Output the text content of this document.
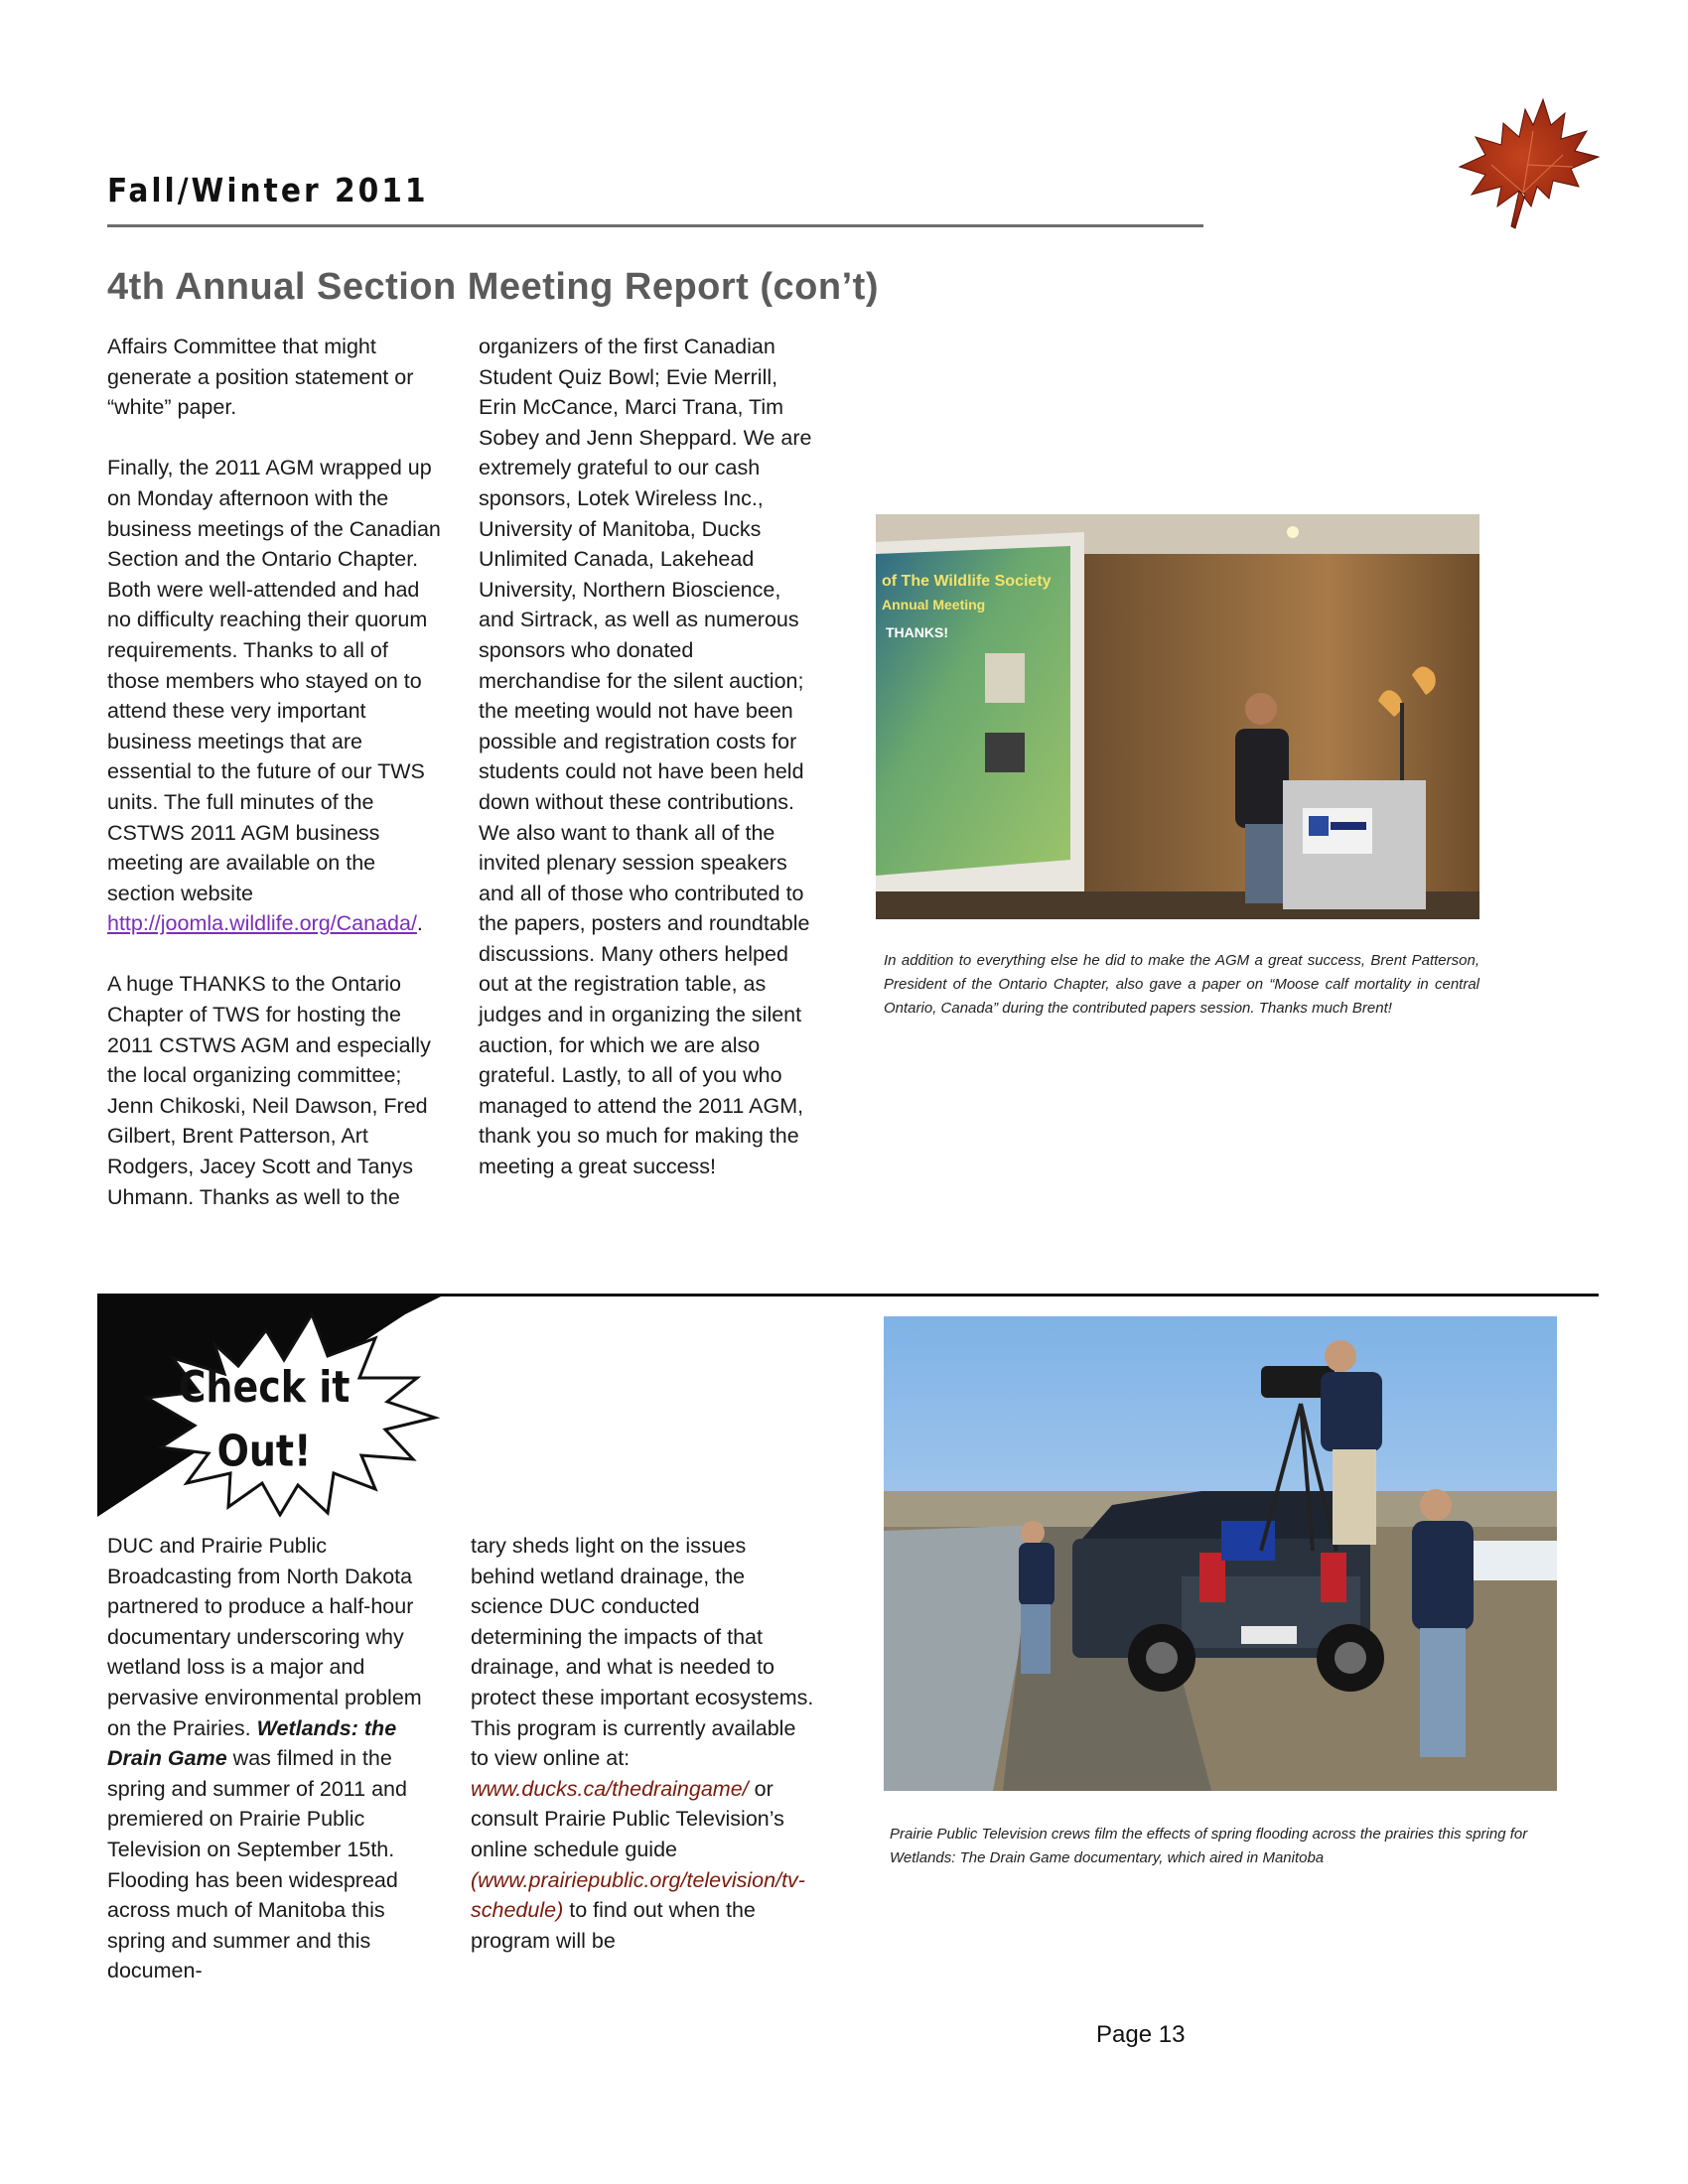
Fall/Winter 2011
4th Annual Section Meeting Report (con’t)

Affairs Committee that might generate a position statement or “white” paper.

Finally, the 2011 AGM wrapped up on Monday afternoon with the business meetings of the Canadian Section and the Ontario Chapter. Both were well-attended and had no difficulty reaching their quorum requirements. Thanks to all of those members who stayed on to attend these very important business meetings that are essential to the future of our TWS units. The full minutes of the CSTWS 2011 AGM business meeting are available on the section website http://joomla.wildlife.org/Canada/.

A huge THANKS to the Ontario Chapter of TWS for hosting the 2011 CSTWS AGM and especially the local organizing committee; Jenn Chikoski, Neil Dawson, Fred Gilbert, Brent Patterson, Art Rodgers, Jacey Scott and Tanys Uhmann. Thanks as well to the

organizers of the first Canadian Student Quiz Bowl; Evie Merrill, Erin McCance, Marci Trana, Tim Sobey and Jenn Sheppard. We are extremely grateful to our cash sponsors, Lotek Wireless Inc., University of Manitoba, Ducks Unlimited Canada, Lakehead University, Northern Bioscience, and Sirtrack, as well as numerous sponsors who donated merchandise for the silent auction; the meeting would not have been possible and registration costs for students could not have been held down without these contributions. We also want to thank all of the invited plenary session speakers and all of those who contributed to the papers, posters and roundtable discussions. Many others helped out at the registration table, as judges and in organizing the silent auction, for which we are also grateful. Lastly, to all of you who managed to attend the 2011 AGM, thank you so much for making the meeting a great success!

of The Wildlife Society
Annual Meeting
THANKS!
In addition to everything else he did to make the AGM a great success, Brent Patterson, President of the Ontario Chapter, also gave a paper on “Moose calf mortality in central Ontario, Canada” during the contributed papers session. Thanks much Brent!
Check it
Out!
DUC and Prairie Public Broadcasting from North Dakota partnered to produce a half-hour documentary underscoring why wetland loss is a major and pervasive environmental problem on the Prairies. Wetlands: the Drain Game was filmed in the spring and summer of 2011 and premiered on Prairie Public Television on September 15th. Flooding has been widespread across much of Manitoba this spring and summer and this documen-
tary sheds light on the issues behind wetland drainage, the science DUC conducted determining the impacts of that drainage, and what is needed to protect these important ecosystems. This program is currently available to view online at: www.ducks.ca/thedraingame/ or consult Prairie Public Television’s online schedule guide (www.prairiepublic.org/television/tv-schedule) to find out when the program will be
Prairie Public Television crews film the effects of spring flooding across the prairies this spring for Wetlands: The Drain Game documentary, which aired in Manitoba
Page 13
